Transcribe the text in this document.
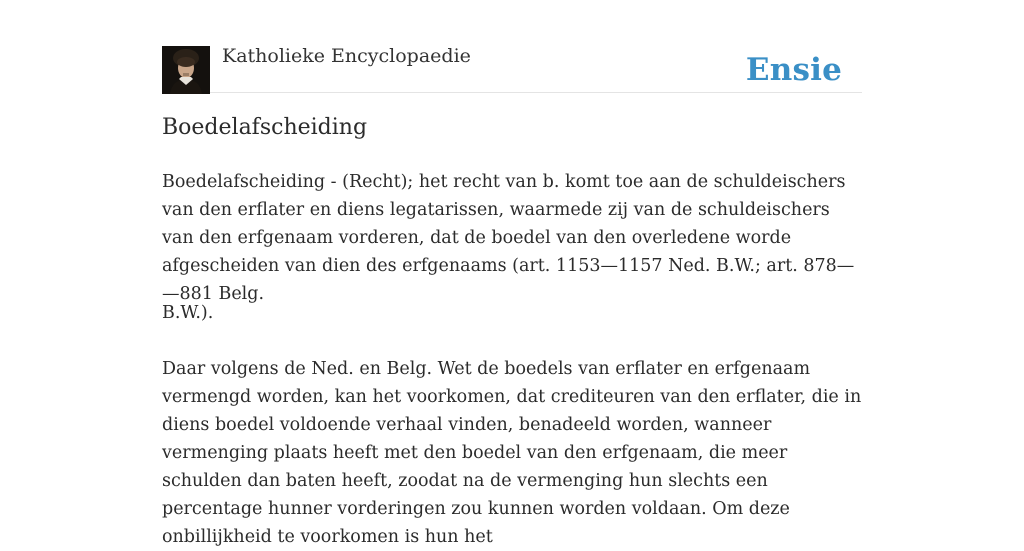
Katholieke Encyclopaedie	Ensie
Boedelafscheiding

Boedelafscheiding - (Recht); het recht van b. komt toe aan de schuldeischers van den erflater en diens legatarissen, waarmede zij van de schuldeischers van den erfgenaam vorderen, dat de boedel van den overledene worde afgescheiden van dien des erfgenaams (art. 1153—1157 Ned. B.W.; art. 878— —881 Belg.

B.W.).

Daar volgens de Ned. en Belg. Wet de boedels van erflater en erfgenaam vermengd worden, kan het voorkomen, dat crediteuren van den erflater, die in diens boedel voldoende verhaal vinden, benadeeld worden, wanneer vermenging plaats heeft met den boedel van den erfgenaam, die meer schulden dan baten heeft, zoodat na de vermenging hun slechts een percentage hunner vorderingen zou kunnen worden voldaan. Om deze onbillijkheid te voorkomen is hun het
